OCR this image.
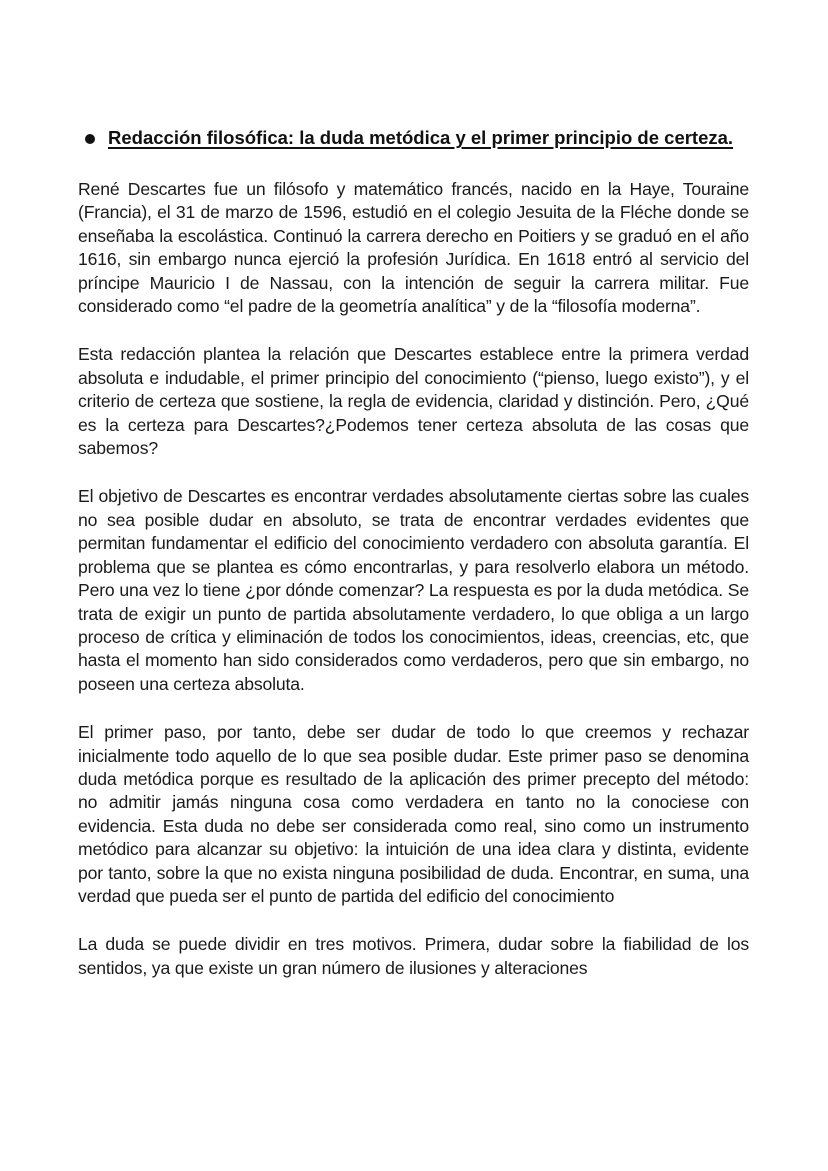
Redacción filosófica: la duda metódica y el primer principio de certeza.

René Descartes fue un filósofo y matemático francés, nacido en la Haye, Touraine (Francia), el 31 de marzo de 1596, estudió en el colegio Jesuita de la Fléche donde se enseñaba la escolástica. Continuó la carrera derecho en Poitiers y se graduó en el año 1616, sin embargo nunca ejerció la profesión Jurídica. En 1618 entró al servicio del príncipe Mauricio I de Nassau, con la intención de seguir la carrera militar. Fue considerado como “el padre de la geometría analítica” y de la “filosofía moderna”.

Esta redacción plantea la relación que Descartes establece entre la primera verdad absoluta e indudable, el primer principio del conocimiento (“pienso, luego existo”), y el criterio de certeza que sostiene, la regla de evidencia, claridad y distinción. Pero, ¿Qué es la certeza para Descartes?¿Podemos tener certeza absoluta de las cosas que sabemos?

El objetivo de Descartes es encontrar verdades absolutamente ciertas sobre las cuales no sea posible dudar en absoluto, se trata de encontrar verdades evidentes que permitan fundamentar el edificio del conocimiento verdadero con absoluta garantía. El problema que se plantea es cómo encontrarlas, y para resolverlo elabora un método. Pero una vez lo tiene ¿por dónde comenzar? La respuesta es por la duda metódica. Se trata de exigir un punto de partida absolutamente verdadero, lo que obliga a un largo proceso de crítica y eliminación de todos los conocimientos, ideas, creencias, etc, que hasta el momento han sido considerados como verdaderos, pero que sin embargo, no poseen una certeza absoluta.

El primer paso, por tanto, debe ser dudar de todo lo que creemos y rechazar inicialmente todo aquello de lo que sea posible dudar. Este primer paso se denomina duda metódica porque es resultado de la aplicación des primer precepto del método: no admitir jamás ninguna cosa como verdadera en tanto no la conociese con evidencia. Esta duda no debe ser considerada como real, sino como un instrumento metódico para alcanzar su objetivo: la intuición de una idea clara y distinta, evidente por tanto, sobre la que no exista ninguna posibilidad de duda. Encontrar, en suma, una verdad que pueda ser el punto de partida del edificio del conocimiento

La duda se puede dividir en tres motivos. Primera, dudar sobre la fiabilidad de los sentidos, ya que existe un gran número de ilusiones y alteraciones
